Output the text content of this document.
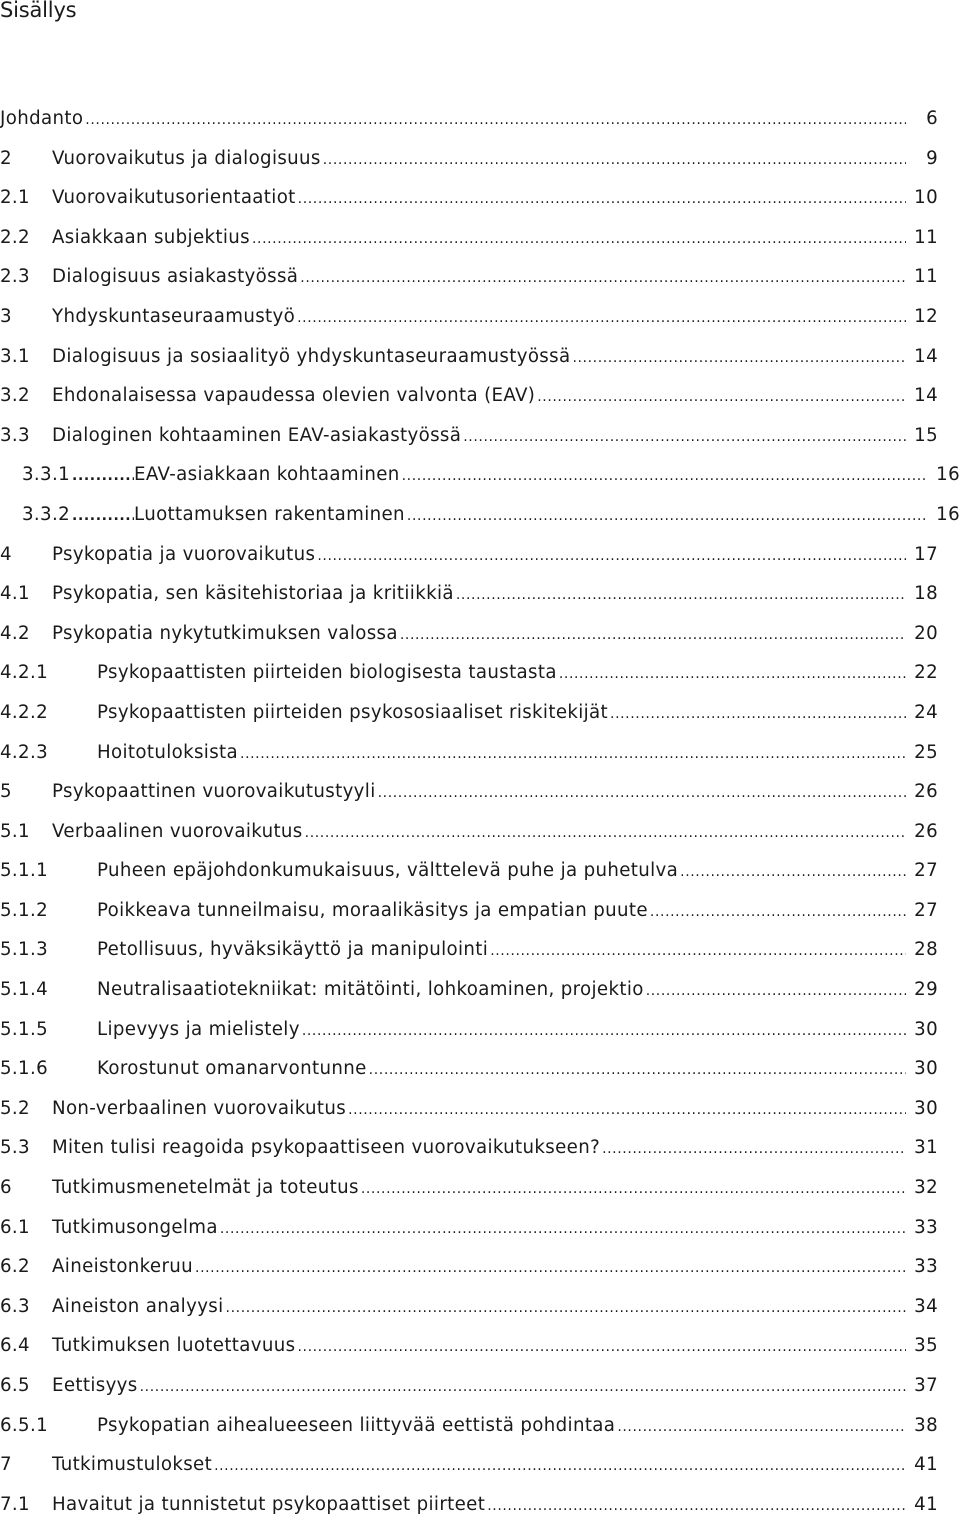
Sisällys
Johdanto .....	6
2	Vuorovaikutus ja dialogisuus .....	9
2.1	Vuorovaikutusorientaatiot .....	10
2.2	Asiakkaan subjektius .....	11
2.3	Dialogisuus asiakastyössä .....	11
3	Yhdyskuntaseuraamustyö .....	12
3.1	Dialogisuus ja sosiaalityö yhdyskuntaseuraamustyössä .....	14
3.2	Ehdonalaisessa vapaudessa olevien valvonta (EAV) .....	14
3.3	Dialoginen kohtaaminen EAV-asiakastyössä .....	15
3.3.1 .....	EAV-asiakkaan kohtaaminen .....	16
3.3.2 .....	Luottamuksen rakentaminen .....	16
4	Psykopatia ja vuorovaikutus .....	17
4.1	Psykopatia, sen käsitehistoriaa ja kritiikkiä .....	18
4.2	Psykopatia nykytutkimuksen valossa .....	20
4.2.1	Psykopaattisten piirteiden biologisesta taustasta .....	22
4.2.2	Psykopaattisten piirteiden psykososiaaliset riskitekijät .....	24
4.2.3	Hoitotuloksista .....	25
5	Psykopaattinen vuorovaikutustyyli .....	26
5.1	Verbaalinen vuorovaikutus .....	26
5.1.1	Puheen epäjohdonkumukaisuus, välttelevä puhe ja puhetulva .....	27
5.1.2	Poikkeava tunneilmaisu, moraalikäsitys ja empatian puute .....	27
5.1.3	Petollisuus, hyväksikäyttö ja manipulointi .....	28
5.1.4	Neutralisaatiotekniikat: mitätöinti, lohkoaminen, projektio .....	29
5.1.5	Lipevyys ja mielistely .....	30
5.1.6	Korostunut omanarvontunne .....	30
5.2	Non-verbaalinen vuorovaikutus .....	30
5.3	Miten tulisi reagoida psykopaattiseen vuorovaikutukseen? .....	31
6	Tutkimusmenetelmät ja toteutus .....	32
6.1	Tutkimusongelma .....	33
6.2	Aineistonkeruu .....	33
6.3	Aineiston analyysi .....	34
6.4	Tutkimuksen luotettavuus .....	35
6.5	Eettisyys .....	37
6.5.1	Psykopatian aihealueeseen liittyvää eettistä pohdintaa .....	38
7	Tutkimustulokset .....	41
7.1	Havaitut ja tunnistetut psykopaattiset piirteet .....	41
